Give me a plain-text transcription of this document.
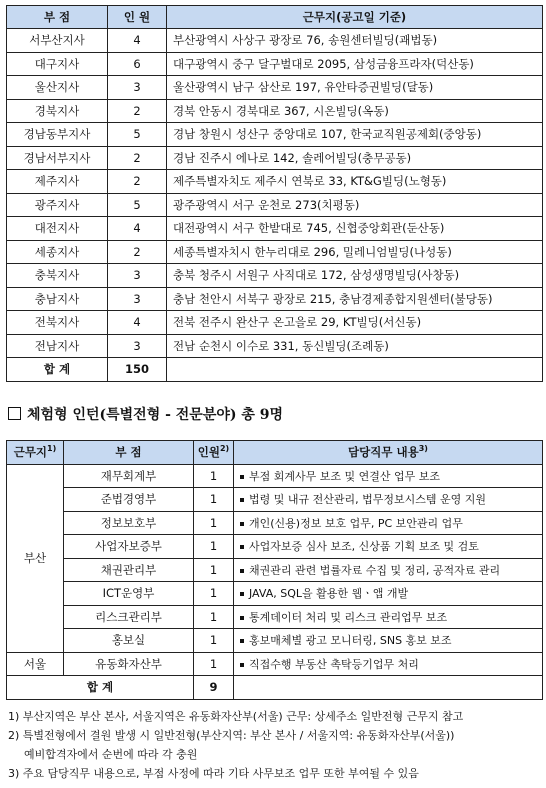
부 점	인 원	근무지(공고일 기준)
서부산지사	4	부산광역시 사상구 광장로 76, 송원센터빌딩(괘법동)
대구지사	6	대구광역시 중구 달구벌대로 2095, 삼성금융프라자(덕산동)
울산지사	3	울산광역시 남구 삼산로 197, 유안타증권빌딩(달동)
경북지사	2	경북 안동시 경북대로 367, 시온빌딩(옥동)
경남동부지사	5	경남 창원시 성산구 중앙대로 107, 한국교직원공제회(중앙동)
경남서부지사	2	경남 진주시 에나로 142, 솔레어빌딩(충무공동)
제주지사	2	제주특별자치도 제주시 연북로 33, KT&G빌딩(노형동)
광주지사	5	광주광역시 서구 운천로 273(치평동)
대전지사	4	대전광역시 서구 한밭대로 745, 신협중앙회관(둔산동)
세종지사	2	세종특별자치시 한누리대로 296, 밀레니엄빌딩(나성동)
충북지사	3	충북 청주시 서원구 사직대로 172, 삼성생명빌딩(사창동)
충남지사	3	충남 천안시 서북구 광장로 215, 충남경제종합지원센터(불당동)
전북지사	4	전북 전주시 완산구 온고을로 29, KT빌딩(서신동)
전남지사	3	전남 순천시 이수로 331, 동신빌딩(조례동)
합 계	150	
체험형 인턴(특별전형 - 전문분야) 총 9명
근무지$^{1)}$	부 점	인원$^{2)}$	담당직무 내용$^{3)}$
부산	재무회계부	1	부점 회계사무 보조 및 연결산 업무 보조
	준법경영부	1	법령 및 내규 전산관리, 법무정보시스템 운영 지원
	정보보호부	1	개인(신용)정보 보호 업무, PC 보안관리 업무
	사업자보증부	1	사업자보증 심사 보조, 신상품 기획 보조 및 검토
	채권관리부	1	채권관리 관련 법률자료 수집 및 정리, 공적자료 관리
	ICT운영부	1	JAVA, SQL을 활용한 웹ㆍ앱 개발
	리스크관리부	1	통계데이터 처리 및 리스크 관리업무 보조
	홍보실	1	홍보매체별 광고 모니터링, SNS 홍보 보조
서울	유동화자산부	1	직접수행 부동산 촉탁등기업무 처리
합 계		9	
1) 부산지역은 부산 본사, 서울지역은 유동화자산부(서울) 근무: 상세주소 일반전형 근무지 참고
2) 특별전형에서 결원 발생 시 일반전형(부산지역: 부산 본사 / 서울지역: 유동화자산부(서울))
예비합격자에서 순번에 따라 각 충원
3) 주요 담당직무 내용으로, 부점 사정에 따라 기타 사무보조 업무 또한 부여될 수 있음
